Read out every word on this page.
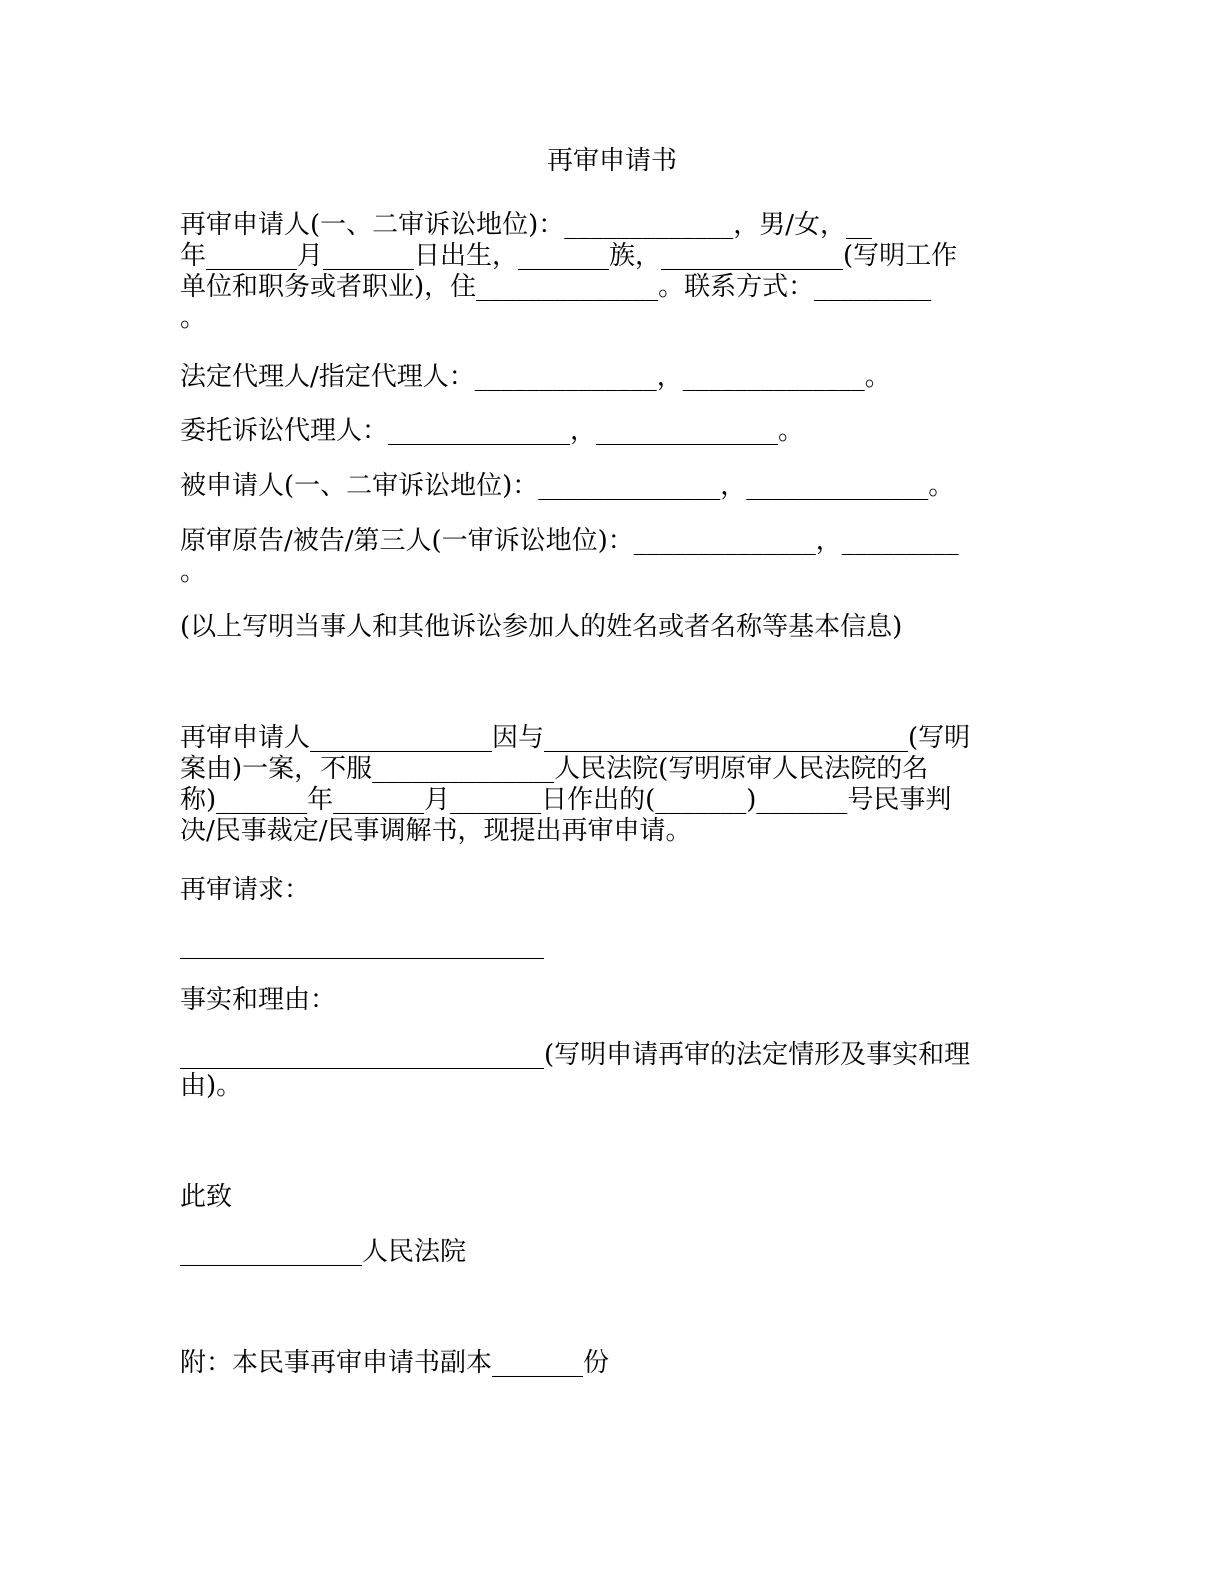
再审申请书
再审申请人(一、二审诉讼地位)：_____________，男/女，__
年_______月_______日出生，_______族，______________(写明工作
单位和职务或者职业)，住______________。联系方式：_________
。
法定代理人/指定代理人：______________，______________。
委托诉讼代理人：______________，______________。
被申请人(一、二审诉讼地位)：______________，______________。
原审原告/被告/第三人(一审诉讼地位)：______________，_________
。
(以上写明当事人和其他诉讼参加人的姓名或者名称等基本信息)
再审申请人______________因与____________________________(写明
案由)一案，不服______________人民法院(写明原审人民法院的名
称)_______年_______月_______日作出的(_______)_______号民事判
决/民事裁定/民事调解书，现提出再审申请。
再审请求：
____________________________
事实和理由：
____________________________(写明申请再审的法定情形及事实和理
由)。
此致
______________人民法院
附：本民事再审申请书副本_______份
